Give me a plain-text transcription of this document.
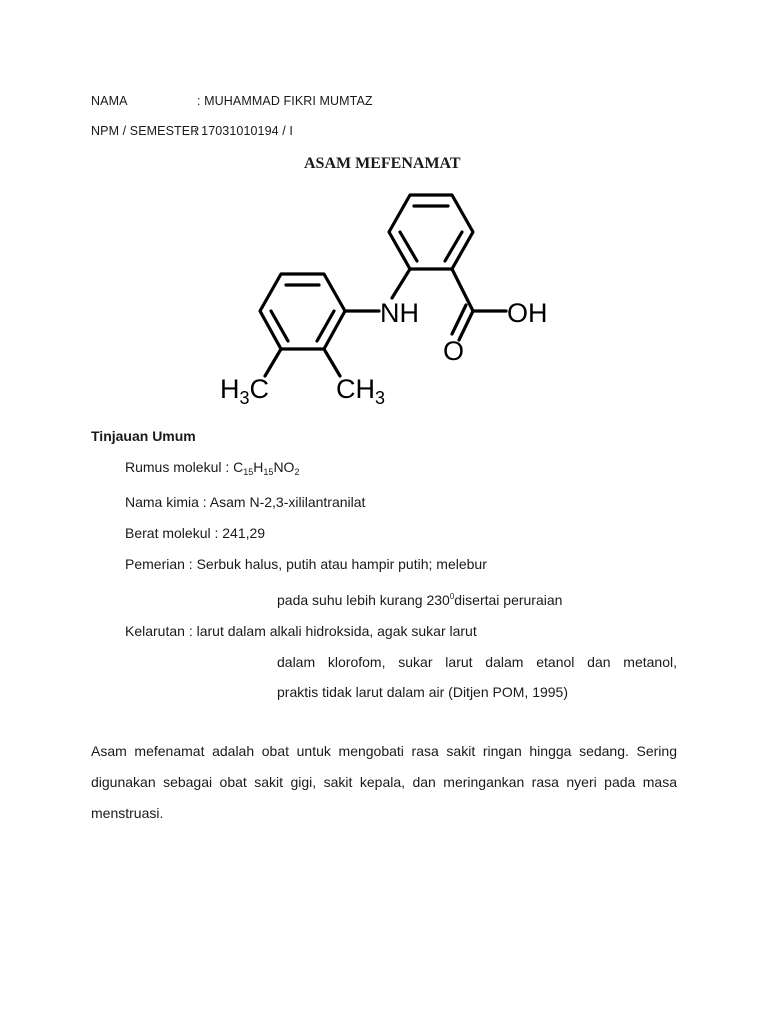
NAMA	: MUHAMMAD FIKRI MUMTAZ
NPM / SEMESTER
: 17031010194 / I
ASAM MEFENAMAT
NH	OH
O
$H_3C$ $CH_3$
Tinjauan Umum
Rumus molekul : $C_{15}H_{15}NO_2$
Nama kimia : Asam N-2,3-xililantranilat
Berat molekul : 241,29
Pemerian : Serbuk halus, putih atau hampir putih; melebur
pada suhu lebih kurang $230^0disertai$ peruraian
Kelarutan : larut dalam alkali hidroksida, agak sukar larut
dalam klorofom, sukar larut dalam etanol dan metanol,
praktis tidak larut dalam air (Ditjen POM, 1995)
Asam mefenamat adalah obat untuk mengobati rasa sakit ringan hingga sedang. Sering
digunakan sebagai obat sakit gigi, sakit kepala, dan meringankan rasa nyeri pada masa
menstruasi.
